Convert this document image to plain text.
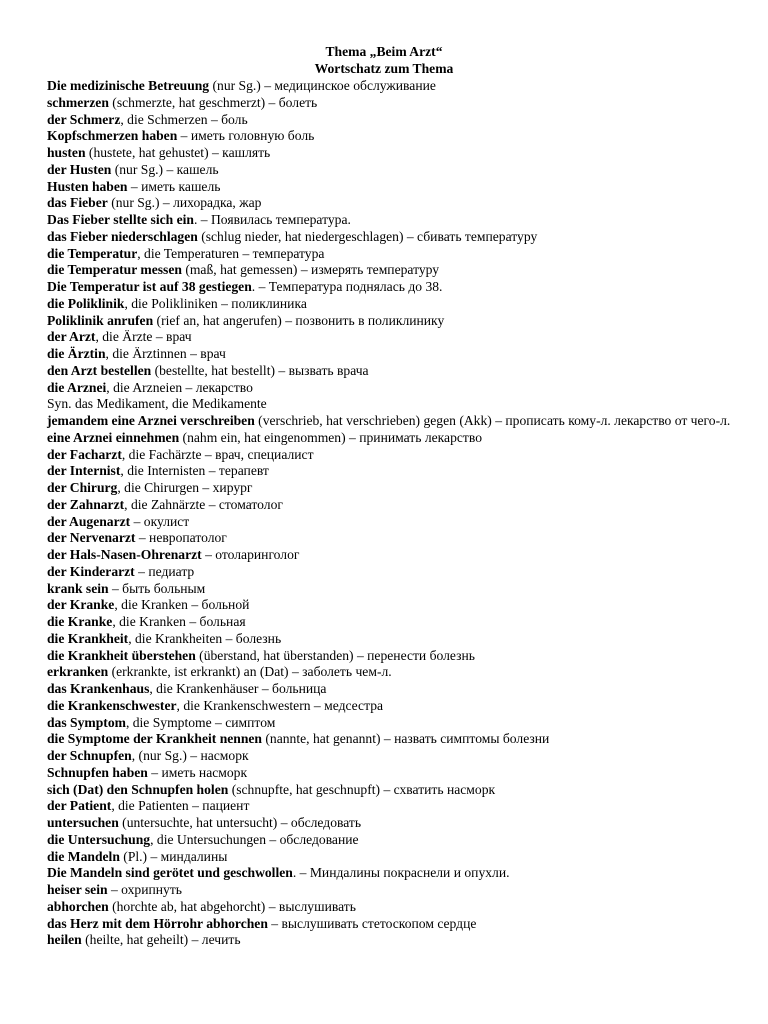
Thema „Beim Arzt“
Wortschatz zum Thema
Die medizinische Betreuung (nur Sg.) – медицинское обслуживание
schmerzen (schmerzte, hat geschmerzt) – болеть
der Schmerz, die Schmerzen – боль
Kopfschmerzen haben – иметь головную боль
husten (hustete, hat gehustet) – кашлять
der Husten (nur Sg.) – кашель
Husten haben – иметь кашель
das Fieber (nur Sg.) – лихорадка, жар
Das Fieber stellte sich ein. – Появилась температура.
das Fieber niederschlagen (schlug nieder, hat niedergeschlagen) – сбивать температуру
die Temperatur, die Temperaturen – температура
die Temperatur messen (maß, hat gemessen) – измерять температуру
Die Temperatur ist auf 38 gestiegen. – Температура поднялась до 38.
die Poliklinik, die Polikliniken – поликлиника
Poliklinik anrufen (rief an, hat angerufen) – позвонить в поликлинику
der Arzt, die Ärzte – врач
die Ärztin, die Ärztinnen – врач
den Arzt bestellen (bestellte, hat bestellt) – вызвать врача
die Arznei, die Arzneien – лекарство
Syn. das Medikament, die Medikamente
jemandem eine Arznei verschreiben (verschrieb, hat verschrieben) gegen (Akk) – прописать кому-л. лекарство от чего-л.
eine Arznei einnehmen (nahm ein, hat eingenommen) – принимать лекарство
der Facharzt, die Fachärzte – врач, специалист
der Internist, die Internisten – терапевт
der Chirurg, die Chirurgen – хирург
der Zahnarzt, die Zahnärzte – стоматолог
der Augenarzt – окулист
der Nervenarzt – невропатолог
der Hals-Nasen-Ohrenarzt – отоларинголог
der Kinderarzt – педиатр
krank sein – быть больным
der Kranke, die Kranken – больной
die Kranke, die Kranken – больная
die Krankheit, die Krankheiten – болезнь
die Krankheit überstehen (überstand, hat überstanden) – перенести болезнь
erkranken (erkrankte, ist erkrankt) an (Dat) – заболеть чем-л.
das Krankenhaus, die Krankenhäuser – больница
die Krankenschwester, die Krankenschwestern – медсестра
das Symptom, die Symptome – симптом
die Symptome der Krankheit nennen (nannte, hat genannt) – назвать симптомы болезни
der Schnupfen, (nur Sg.) – насморк
Schnupfen haben – иметь насморк
sich (Dat) den Schnupfen holen (schnupfte, hat geschnupft) – схватить насморк
der Patient, die Patienten – пациент
untersuchen (untersuchte, hat untersucht) – обследовать
die Untersuchung, die Untersuchungen – обследование
die Mandeln (Pl.) – миндалины
Die Mandeln sind gerötet und geschwollen. – Миндалины покраснели и опухли.
heiser sein – охрипнуть
abhorchen (horchte ab, hat abgehorcht) – выслушивать
das Herz mit dem Hörrohr abhorchen – выслушивать стетоскопом сердце
heilen (heilte, hat geheilt) – лечить
